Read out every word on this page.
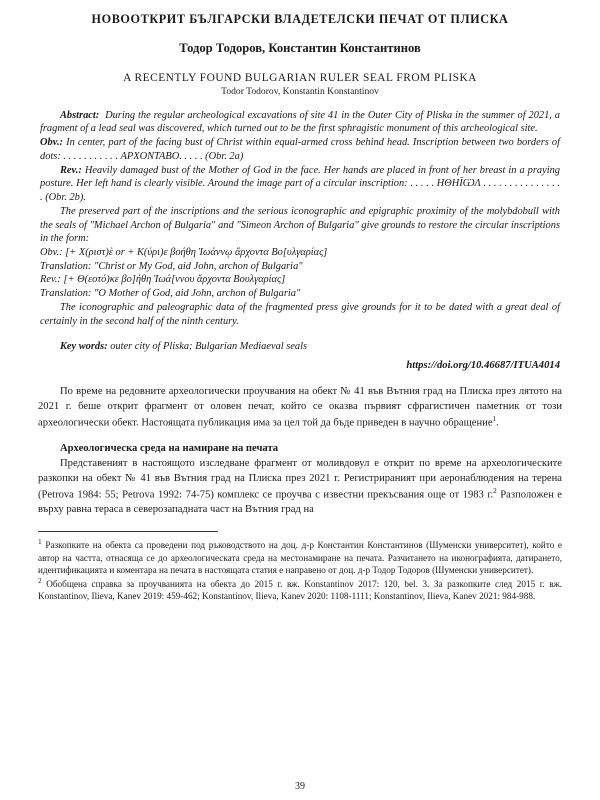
НОВООТКРИТ БЪЛГАРСКИ ВЛАДЕТЕЛСКИ ПЕЧАТ ОТ ПЛИСКА
Тодор Тодоров, Константин Константинов
A RECENTLY FOUND BULGARIAN RULER SEAL FROM PLISKA
Todor Todorov, Konstantin Konstantinov

Abstract: During the regular archeological excavations of site 41 in the Outer City of Pliska in the summer of 2021, a fragment of a lead seal was discovered, which turned out to be the first sphragistic monument of this archeological site.

Obv.: In center, part of the facing bust of Christ within equal-armed cross behind head. Inscription between two borders of dots: . . . . . . . . . . . ΑΡΧΟΝΤΑΒΟ. . . . . (Obr. 2а)

Rev.: Heavily damaged bust of the Mother of God in the face. Her hands are placed in front of her breast in a praying posture. Her left hand is clearly visible. Around the image part of a circular inscription: . . . . . ΗΘΗΪѠΛ . . . . . . . . . . . . . . . . (Obr. 2b).

The preserved part of the inscriptions and the serious iconographic and epigraphic proximity of the molybdobull with the seals of "Michael Archon of Bulgaria" and "Simeon Archon of Bulgaria" give grounds to restore the circular inscriptions in the form:

Obv.: [+ Χ(ριστ)ὲ or + Κ(ύρι)ε βοήθη Ἰωάννῳ ἄρχοντα Βο[υλγαρίας]

Translation: "Christ or My God, aid John, archon of Bulgaria"

Rev.: [+ Θ(εοτό)κε βο]ήθη Ἰωά[ννου ἄρχοντα Βουλγαρίας]

Translation: "O Mother of God, aid John, archon of Bulgaria"

The iconographic and paleographic data of the fragmented press give grounds for it to be dated with a great deal of certainly in the second half of the ninth century.

Key words: outer city of Pliska; Bulgarian Mediaeval seals
https://doi.org/10.46687/ITUA4014

По време на редовните археологически проучвания на обект № 41 във Вътния град на Плиска през лятото на 2021 г. беше открит фрагмент от оловен печат, който се оказва първият сфрагистичен паметник от този археологически обект. Настоящата публикация има за цел той да бъде приведен в научно обращение$^1$.

Археологическа среда на намиране на печата

Представеният в настоящото изследване фрагмент от моливдовул е открит по време на археологическите разкопки на обект № 41 във Вътния град на Плиска през 2021 г. Регистрираният при аеронаблюдения на терена (Petrova 1984: 55; Petrova 1992: 74-75) комплекс се проучва с известни прекъсвания още от 1983 г.$^2$ Разположен е върху равна тераса в северозападната част на Вътния град на

$^1$ Разкопките на обекта са проведени под ръководството на доц. д-р Константин Константинов (Шуменски университет), който е автор на частта, отнасяща се до археологическата среда на местонамиране на печата. Разчитането на иконографията, датирането, идентификацията и коментара на печата в настоящата статия е направено от доц. д-р Тодор Тодоров (Шуменски университет).

$^2$ Обобщена справка за проучванията на обекта до 2015 г. вж. Konstantinov 2017: 120, bel. 3. За разкопките след 2015 г. вж. Konstantinov, Ilieva, Kanev 2019: 459-462; Konstantinov, Ilieva, Kanev 2020: 1108-1111; Konstantinov, Ilieva, Kanev 2021: 984-988.

39
